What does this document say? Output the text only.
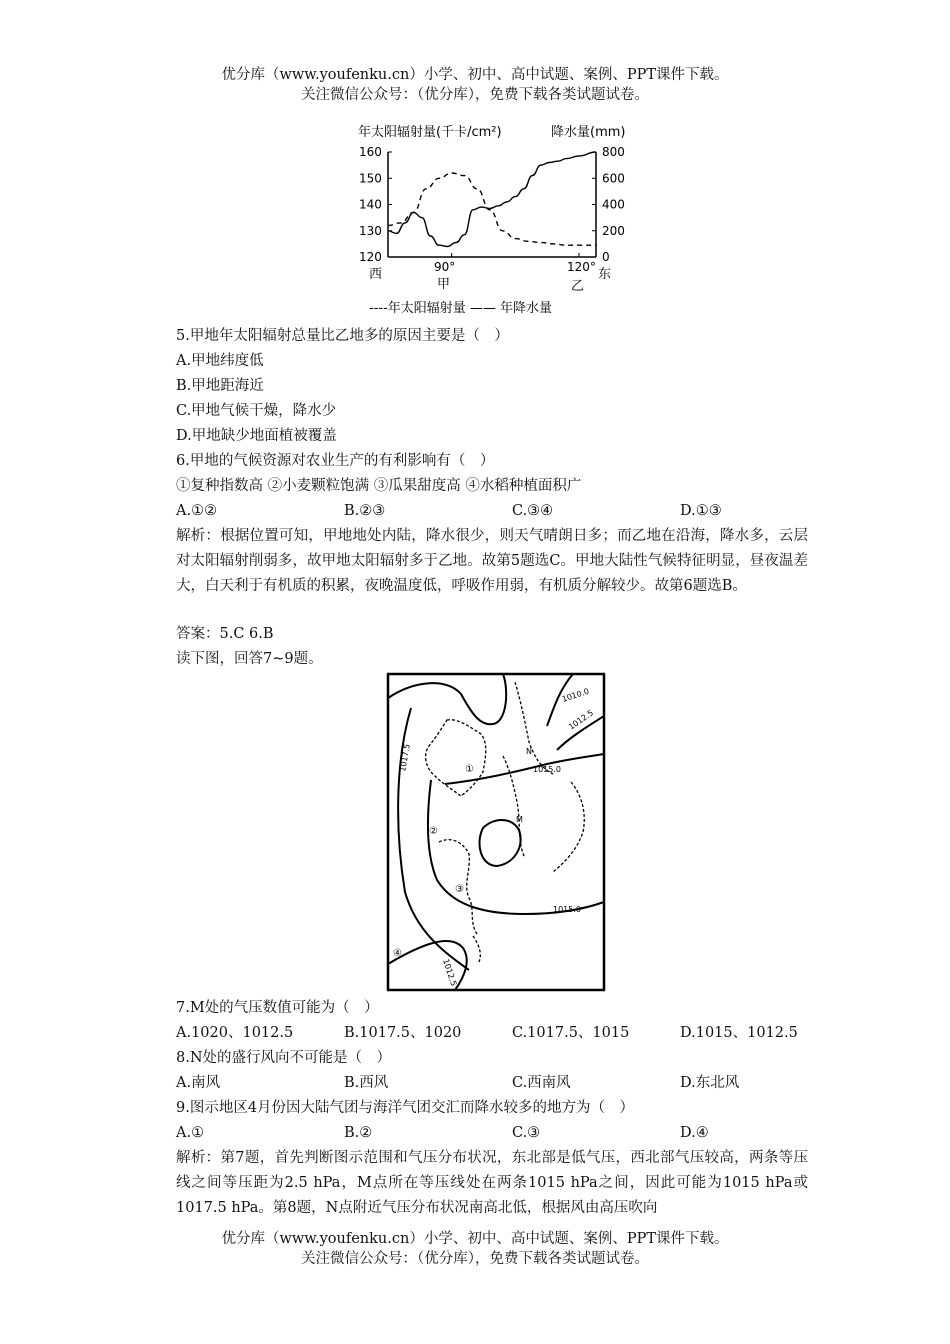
优分库（www.youfenku.cn）小学、初中、高中试题、案例、PPT课件下载。
关注微信公众号：（优分库），免费下载各类试题试卷。
年太阳辐射量(千卡/cm²)	降水量(mm)
160
150
140
130
120
800
600
400
200
0
西	东
90°	120°
甲	乙
----年太阳辐射量 —— 年降水量
5.甲地年太阳辐射总量比乙地多的原因主要是（　）
A.甲地纬度低
B.甲地距海近
C.甲地气候干燥，降水少
D.甲地缺少地面植被覆盖
6.甲地的气候资源对农业生产的有利影响有（　）
①复种指数高 ②小麦颗粒饱满 ③瓜果甜度高 ④水稻种植面积广
A.①②	B.②③	C.③④	D.①③
解析：根据位置可知，甲地地处内陆，降水很少，则天气晴朗日多；而乙地在沿海，降水多，云层对太阳辐射削弱多，故甲地太阳辐射多于乙地。故第5题选C。甲地大陆性气候特征明显，昼夜温差大，白天利于有机质的积累，夜晚温度低，呼吸作用弱，有机质分解较少。故第6题选B。
答案：5.C 6.B
读下图，回答7~9题。
①
②
③
④
N
M
1010.0
1012.5
1015.0
1017.5
1015.0
1012.5
7.M处的气压数值可能为（　）
A.1020、1012.5	B.1017.5、1020	C.1017.5、1015	D.1015、1012.5
8.N处的盛行风向不可能是（　）
A.南风	B.西风	C.西南风	D.东北风
9.图示地区4月份因大陆气团与海洋气团交汇而降水较多的地方为（　）
A.①	B.②	C.③	D.④
解析：第7题，首先判断图示范围和气压分布状况，东北部是低气压，西北部气压较高，两条等压线之间等压距为2.5 hPa，M点所在等压线处在两条1015 hPa之间，因此可能为1015 hPa或1017.5 hPa。第8题，N点附近气压分布状况南高北低，根据风由高压吹向
优分库（www.youfenku.cn）小学、初中、高中试题、案例、PPT课件下载。
关注微信公众号：（优分库），免费下载各类试题试卷。
